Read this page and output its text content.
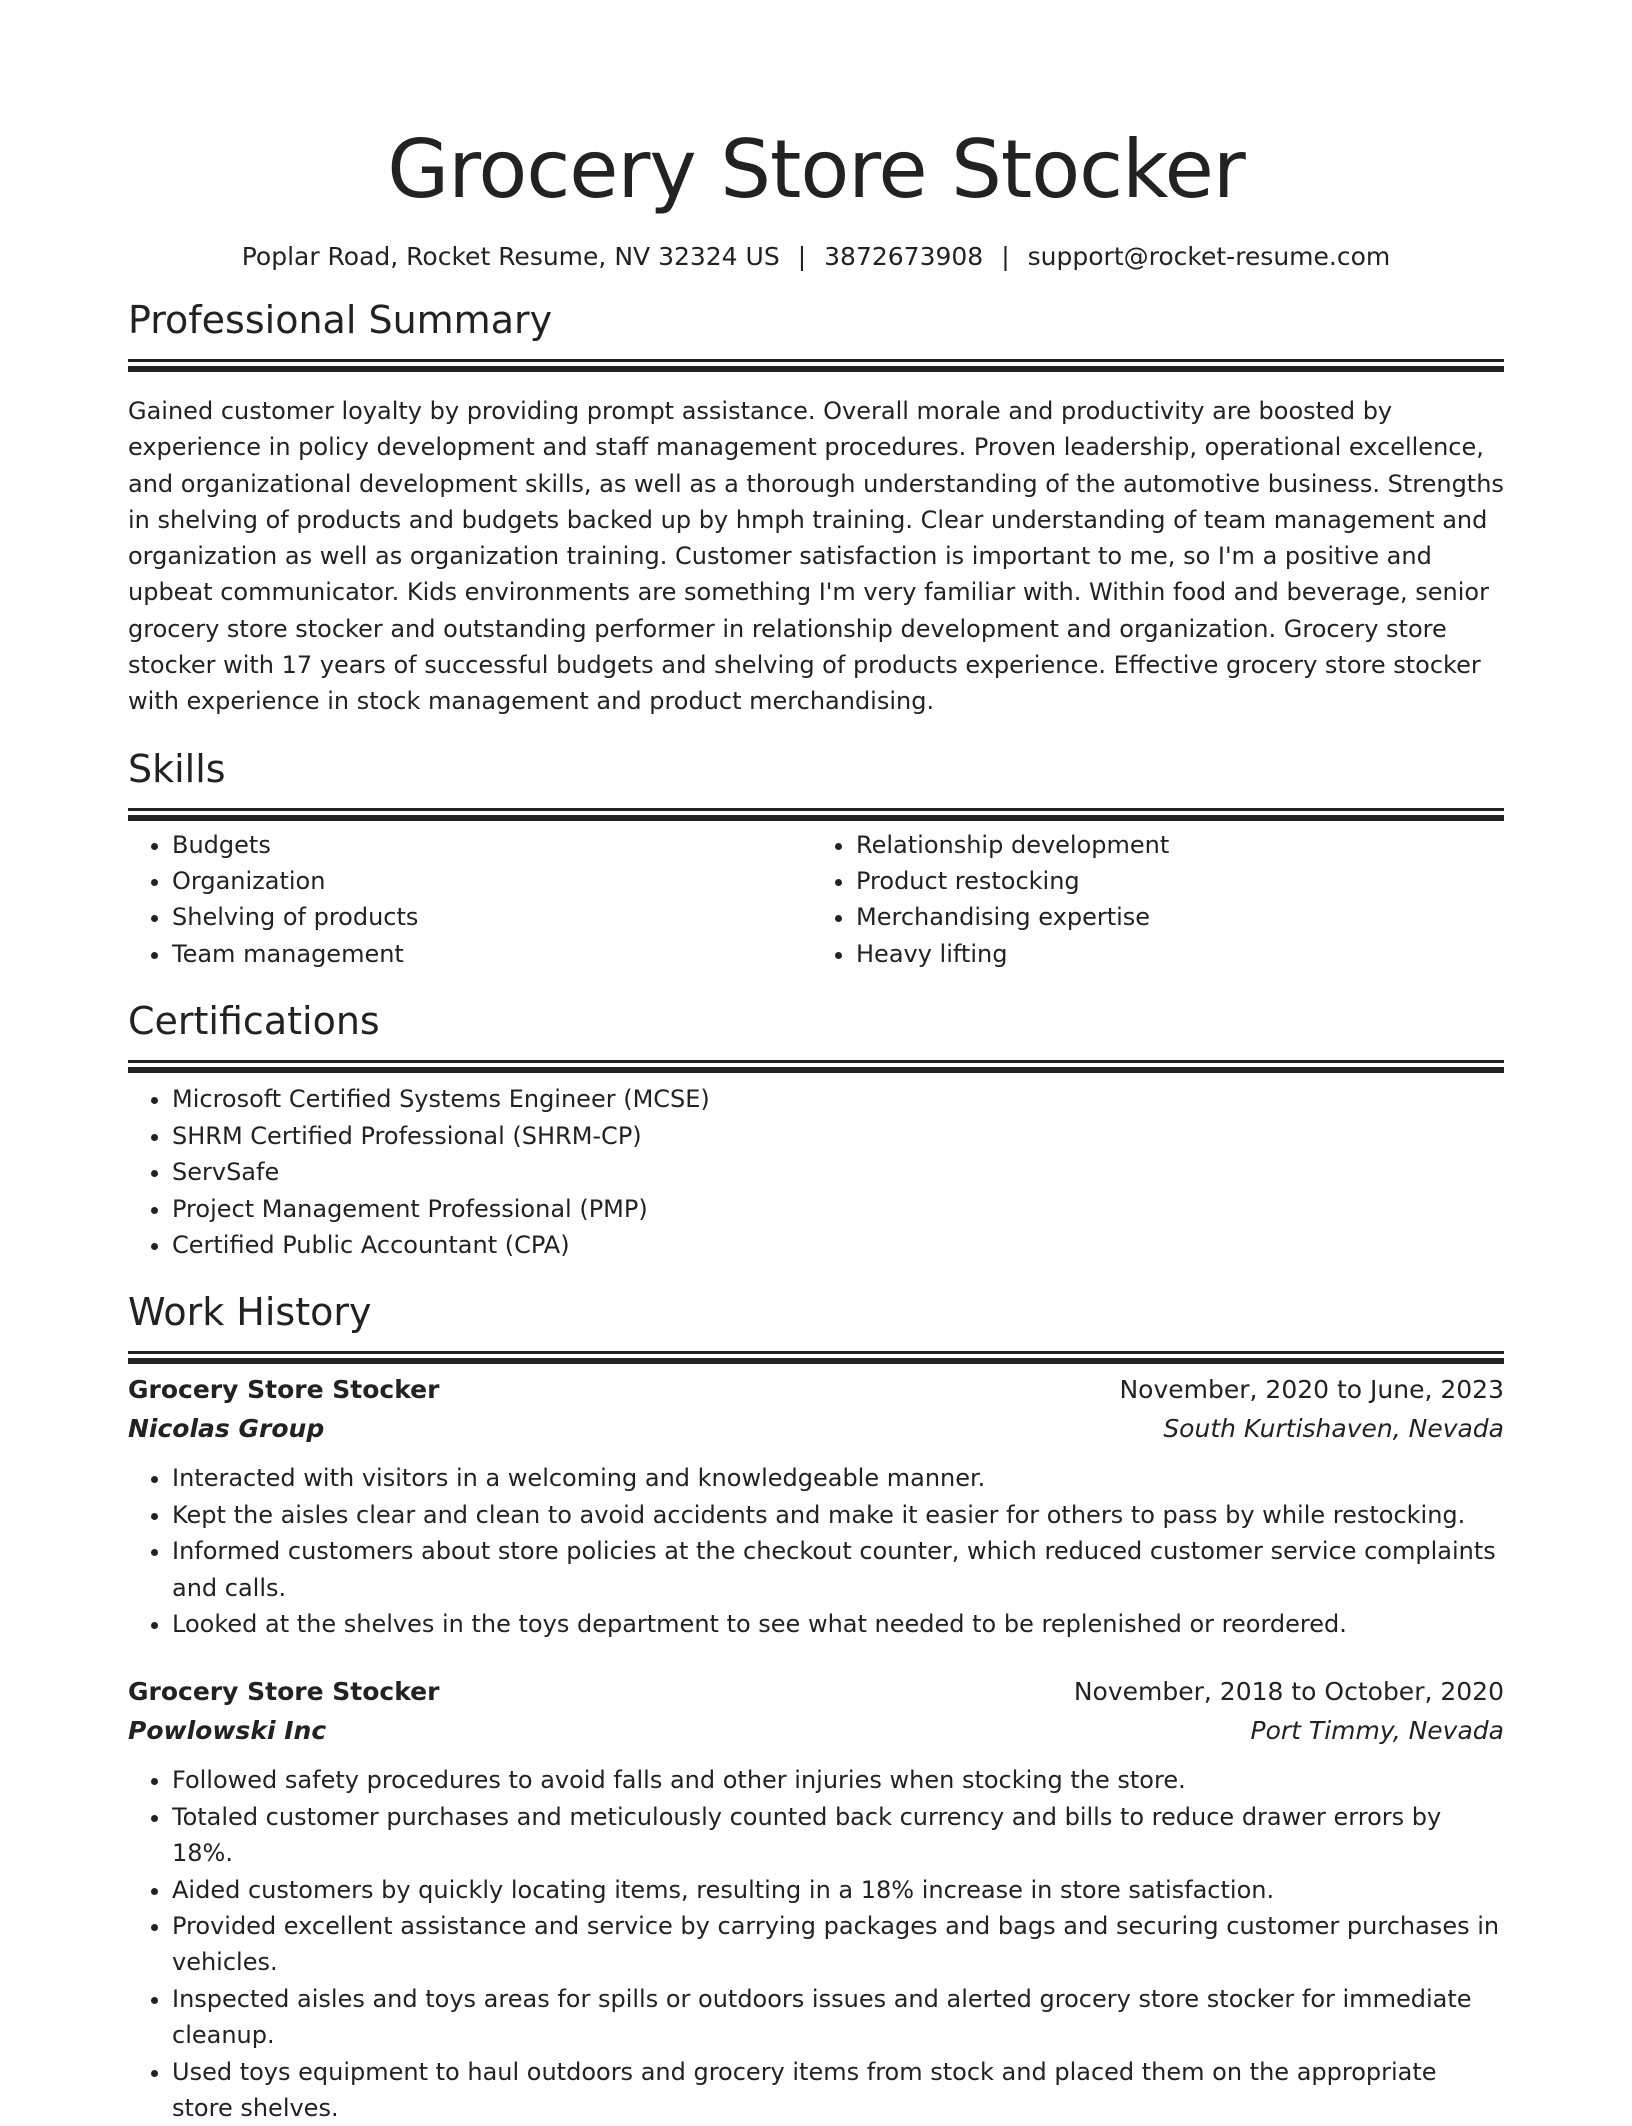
Grocery Store Stocker
Poplar Road, Rocket Resume, NV 32324 US | 3872673908 | support@rocket-resume.com
Professional Summary

Gained customer loyalty by providing prompt assistance. Overall morale and productivity are boosted by experience in policy development and staff management procedures. Proven leadership, operational excellence, and organizational development skills, as well as a thorough understanding of the automotive business. Strengths in shelving of products and budgets backed up by hmph training. Clear understanding of team management and organization as well as organization training. Customer satisfaction is important to me, so I'm a positive and upbeat communicator. Kids environments are something I'm very familiar with. Within food and beverage, senior grocery store stocker and outstanding performer in relationship development and organization. Grocery store stocker with 17 years of successful budgets and shelving of products experience. Effective grocery store stocker with experience in stock management and product merchandising.

Skills
• Budgets
• Organization
• Shelving of products
• Team management
• Relationship development
• Product restocking
• Merchandising expertise
• Heavy lifting
Certifications
• Microsoft Certified Systems Engineer (MCSE)
• SHRM Certified Professional (SHRM-CP)
• ServSafe
• Project Management Professional (PMP)
• Certified Public Accountant (CPA)
Work History
Grocery Store Stocker	November, 2020 to June, 2023
Nicolas Group	South Kurtishaven, Nevada
• Interacted with visitors in a welcoming and knowledgeable manner.
• Kept the aisles clear and clean to avoid accidents and make it easier for others to pass by while restocking.
• Informed customers about store policies at the checkout counter, which reduced customer service complaints and calls.
• Looked at the shelves in the toys department to see what needed to be replenished or reordered.
Grocery Store Stocker	November, 2018 to October, 2020
Powlowski Inc	Port Timmy, Nevada
• Followed safety procedures to avoid falls and other injuries when stocking the store.
• Totaled customer purchases and meticulously counted back currency and bills to reduce drawer errors by 18%.
• Aided customers by quickly locating items, resulting in a 18% increase in store satisfaction.
• Provided excellent assistance and service by carrying packages and bags and securing customer purchases in vehicles.
• Inspected aisles and toys areas for spills or outdoors issues and alerted grocery store stocker for immediate cleanup.
• Used toys equipment to haul outdoors and grocery items from stock and placed them on the appropriate store shelves.
